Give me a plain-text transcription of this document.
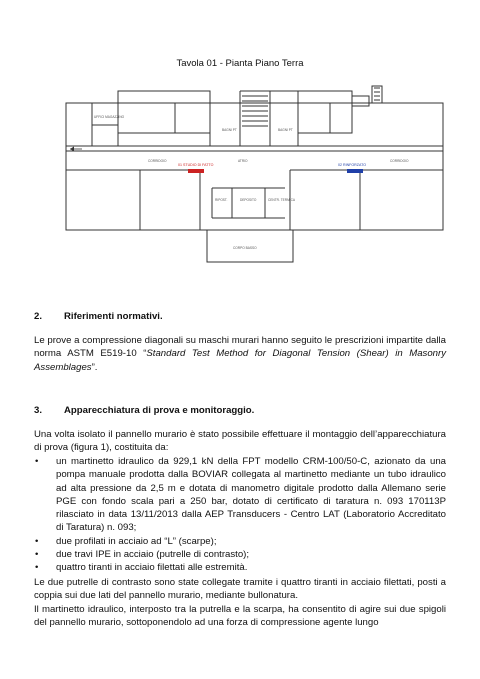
Tavola 01 - Pianta Piano Terra
UFFICI MAGAZZINO
CORRIDOIO	CORRIDOIO
BAGNI PT	BAGNI PT
ATRIO
RIPOST.	DEPOSITO	CENTR. TERMICA
CORPO BASSO
01 STUDIO DI FATTO	02 RINFORZATO
2. Riferimenti normativi.
Le prove a compressione diagonali su maschi murari hanno seguito le prescrizioni impartite dalla norma ASTM E519-10 “Standard Test Method for Diagonal Tension (Shear) in Masonry Assemblages”.
3. Apparecchiatura di prova e monitoraggio.
Una volta isolato il pannello murario è stato possibile effettuare il montaggio dell’apparecchiatura di prova (figura 1), costituita da:
• un martinetto idraulico da 929,1 kN della FPT modello CRM-100/50-C, azionato da una pompa manuale prodotta dalla BOVIAR collegata al martinetto mediante un tubo idraulico ad alta pressione da 2,5 m e dotata di manometro digitale prodotto dalla Allemano serie PGE con fondo scala pari a 250 bar, dotato di certificato di taratura n. 093 170113P rilasciato in data 13/11/2013 dalla AEP Transducers - Centro LAT (Laboratorio Accreditato di Taratura) n. 093;
• due profilati in acciaio ad “L” (scarpe);
• due travi IPE in acciaio (putrelle di contrasto);
• quattro tiranti in acciaio filettati alle estremità.
Le due putrelle di contrasto sono state collegate tramite i quattro tiranti in acciaio filettati, posti a coppia sui due lati del pannello murario, mediante bullonatura.
Il martinetto idraulico, interposto tra la putrella e la scarpa, ha consentito di agire sui due spigoli del pannello murario, sottoponendolo ad una forza di compressione agente lungo
